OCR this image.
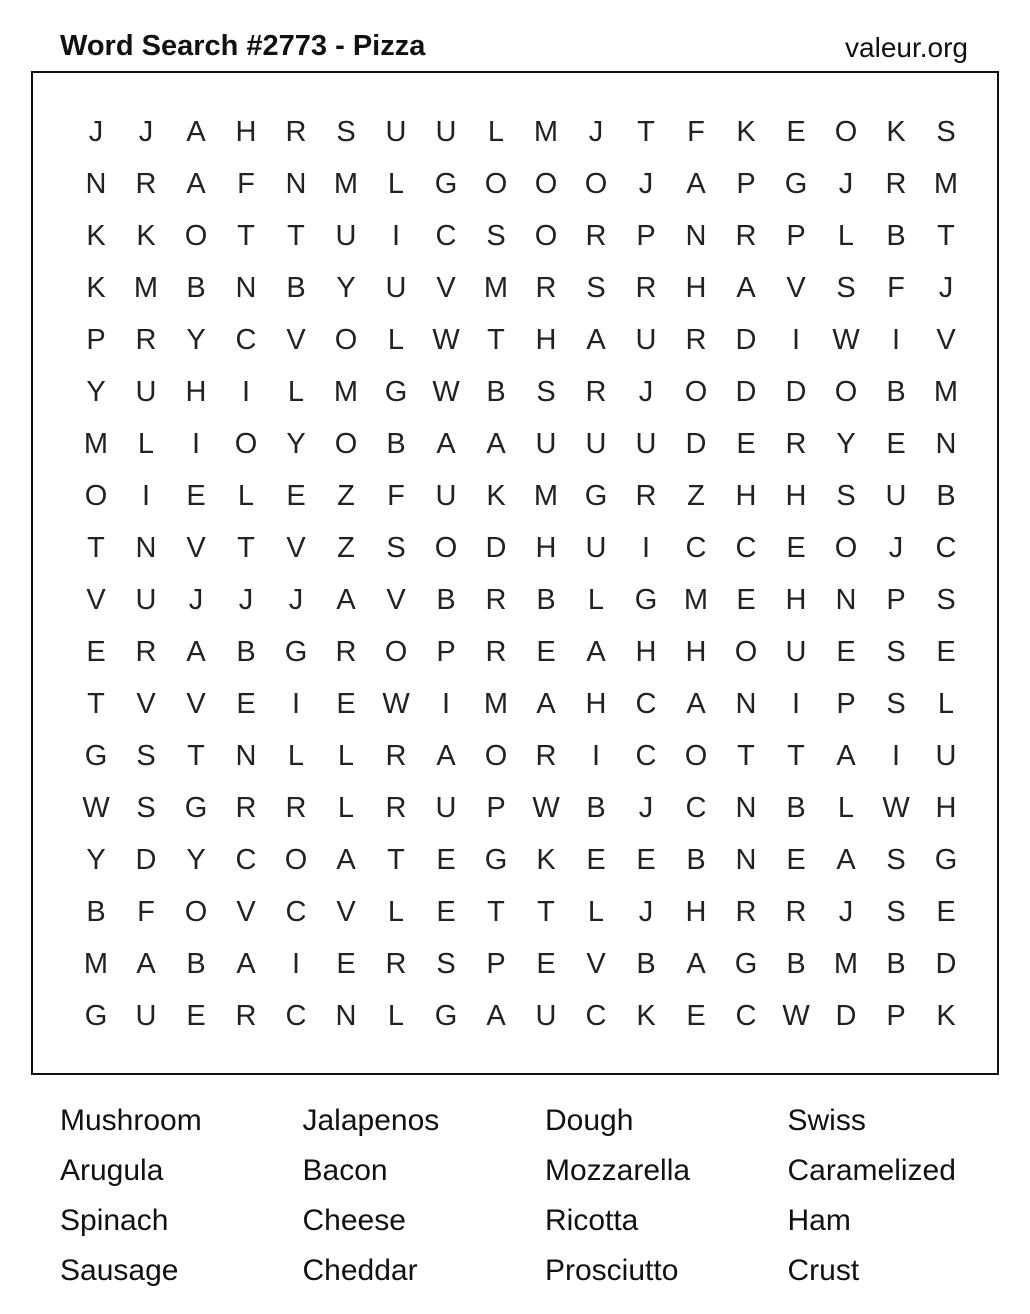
Word Search #2773 - Pizza	valeur.org
J	J	A	H	R	S	U	U	L	M	J	T	F	K	E	O	K	S
N	R	A	F	N M	L	G O O O	J	A	P	G	J	R M
K	K	O	T	T	U	I	C	S	O R	P	N	R	P	L	B	T
K M B	N	B	Y	U	V M R	S	R	H	A	V	S	F	J
P	R	Y	C	V	O	L W T	H	A	U	R	D	I	W	I	V
Y	U	H	I	L	M G W B	S	R	J	O D	D O	B M
M	L	I	O	Y	O	B	A	A	U	U	U	D	E	R	Y	E	N
O	I	E	L	E	Z	F	U	K M G R	Z	H	H	S	U	B
T	N	V	T	V	Z	S	O D	H	U	I	C	C	E	O	J	C
V	U	J	J	J	A	V	B	R	B	L	G M E	H	N	P	S
E	R	A	B	G R O	P	R	E	A	H	H O U	E	S	E
T	V	V	E	I	E W	I	M A	H	C	A	N	I	P	S	L
G	S	T	N	L	L	R	A	O R	I	C O	T	T	A	I	U
W S	G R	R	L	R	U	P W B	J	C	N	B	L W H
Y	D	Y	C O	A	T	E	G	K	E	E	B	N	E	A	S	G
B	F	O	V	C	V	L	E	T	T	L	J	H	R	R	J	S	E
M A	B	A	I	E	R	S	P	E	V	B	A	G	B M B	D
G U	E	R	C	N	L	G	A	U	C	K	E	C W D	P	K
Mushroom	Jalapenos	Dough	Swiss
Arugula	Bacon	Mozzarella	Caramelized
Spinach	Cheese	Ricotta	Ham
Sausage	Cheddar	Prosciutto	Crust
